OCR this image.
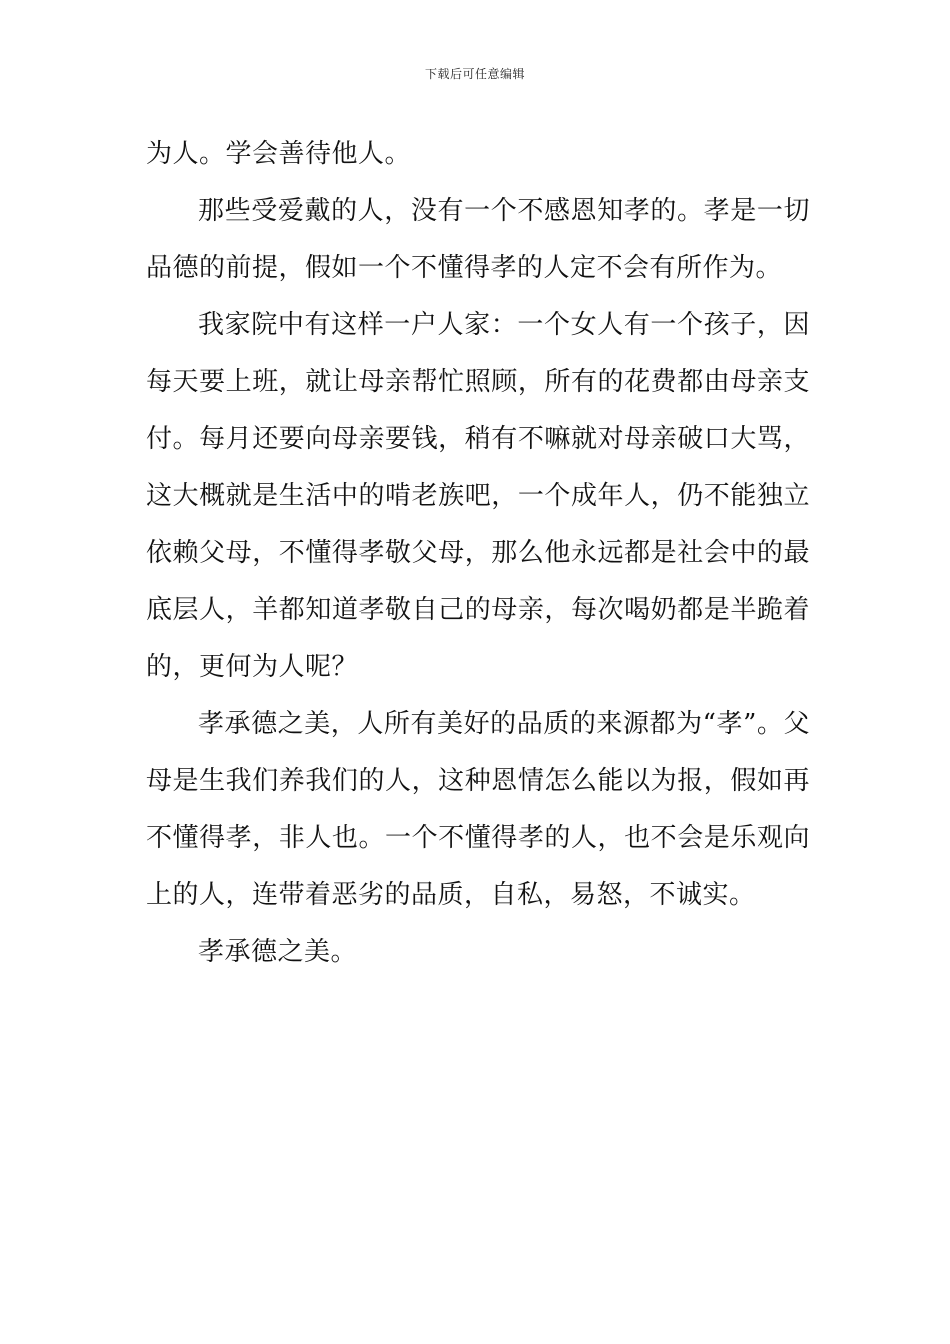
下载后可任意编辑

为人。学会善待他人。

那些受爱戴的人，没有一个不感恩知孝的。孝是一切品德的前提，假如一个不懂得孝的人定不会有所作为。

我家院中有这样一户人家：一个女人有一个孩子，因每天要上班，就让母亲帮忙照顾，所有的花费都由母亲支付。每月还要向母亲要钱，稍有不嘛就对母亲破口大骂，这大概就是生活中的啃老族吧，一个成年人，仍不能独立依赖父母，不懂得孝敬父母，那么他永远都是社会中的最底层人，羊都知道孝敬自己的母亲，每次喝奶都是半跪着的，更何为人呢？

孝承德之美，人所有美好的品质的来源都为“孝”。父母是生我们养我们的人，这种恩情怎么能以为报，假如再不懂得孝，非人也。一个不懂得孝的人，也不会是乐观向上的人，连带着恶劣的品质，自私，易怒，不诚实。

孝承德之美。
